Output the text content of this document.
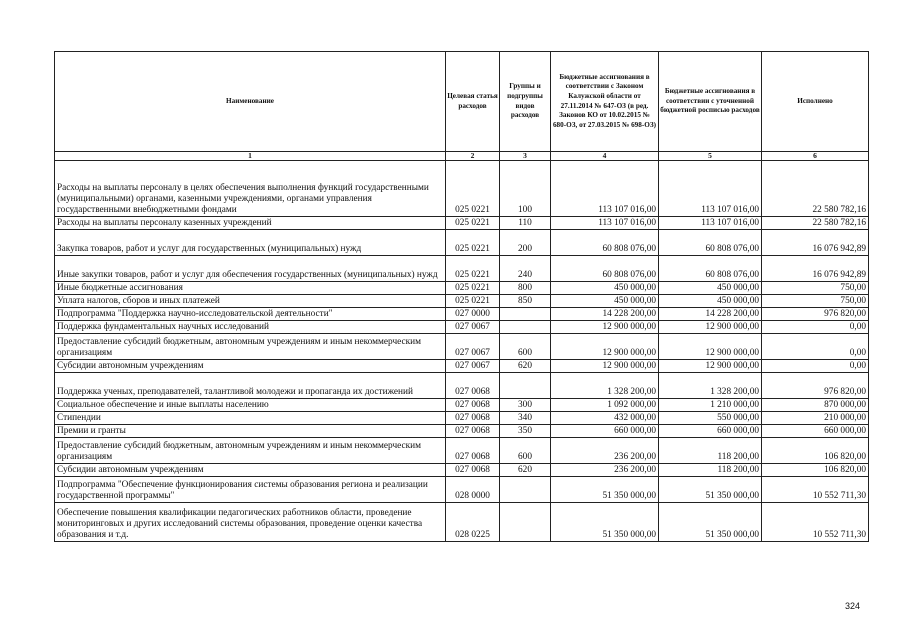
Наименование	Целевая статья расходов	Группы и подгруппы видов расходов	Бюджетные ассигнования в соответствии с Законом Калужской области от 27.11.2014 № 647-ОЗ (в ред. Законов КО от 10.02.2015 № 680-ОЗ, от 27.03.2015 № 698-ОЗ)	Бюджетные ассигнования в соответствии с уточненной бюджетной росписью расходов	Исполнено
1	2	3	4	5	6
Расходы на выплаты персоналу в целях обеспечения выполнения функций государственными (муниципальными) органами, казенными учреждениями, органами управления государственными внебюджетными фондами	025 0221	100	113 107 016,00	113 107 016,00	22 580 782,16
Расходы на выплаты персоналу казенных учреждений	025 0221	110	113 107 016,00	113 107 016,00	22 580 782,16
Закупка товаров, работ и услуг для государственных (муниципальных) нужд	025 0221	200	60 808 076,00	60 808 076,00	16 076 942,89
Иные закупки товаров, работ и услуг для обеспечения государственных (муниципальных) нужд	025 0221	240	60 808 076,00	60 808 076,00	16 076 942,89
Иные бюджетные ассигнования	025 0221	800	450 000,00	450 000,00	750,00
Уплата налогов, сборов и иных платежей	025 0221	850	450 000,00	450 000,00	750,00
Подпрограмма "Поддержка научно-исследовательской деятельности"	027 0000		14 228 200,00	14 228 200,00	976 820,00
Поддержка фундаментальных научных исследований	027 0067		12 900 000,00	12 900 000,00	0,00
Предоставление субсидий бюджетным, автономным учреждениям и иным некоммерческим организациям	027 0067	600	12 900 000,00	12 900 000,00	0,00
Субсидии автономным учреждениям	027 0067	620	12 900 000,00	12 900 000,00	0,00
Поддержка ученых, преподавателей, талантливой молодежи и пропаганда их достижений	027 0068		1 328 200,00	1 328 200,00	976 820,00
Социальное обеспечение и иные выплаты населению	027 0068	300	1 092 000,00	1 210 000,00	870 000,00
Стипендии	027 0068	340	432 000,00	550 000,00	210 000,00
Премии и гранты	027 0068	350	660 000,00	660 000,00	660 000,00
Предоставление субсидий бюджетным, автономным учреждениям и иным некоммерческим организациям	027 0068	600	236 200,00	118 200,00	106 820,00
Субсидии автономным учреждениям	027 0068	620	236 200,00	118 200,00	106 820,00
Подпрограмма "Обеспечение функционирования системы образования региона и реализации государственной программы"	028 0000		51 350 000,00	51 350 000,00	10 552 711,30
Обеспечение повышения квалификации педагогических работников области, проведение мониторинговых и других исследований системы образования, проведение оценки качества образования и т.д.	028 0225		51 350 000,00	51 350 000,00	10 552 711,30
324
